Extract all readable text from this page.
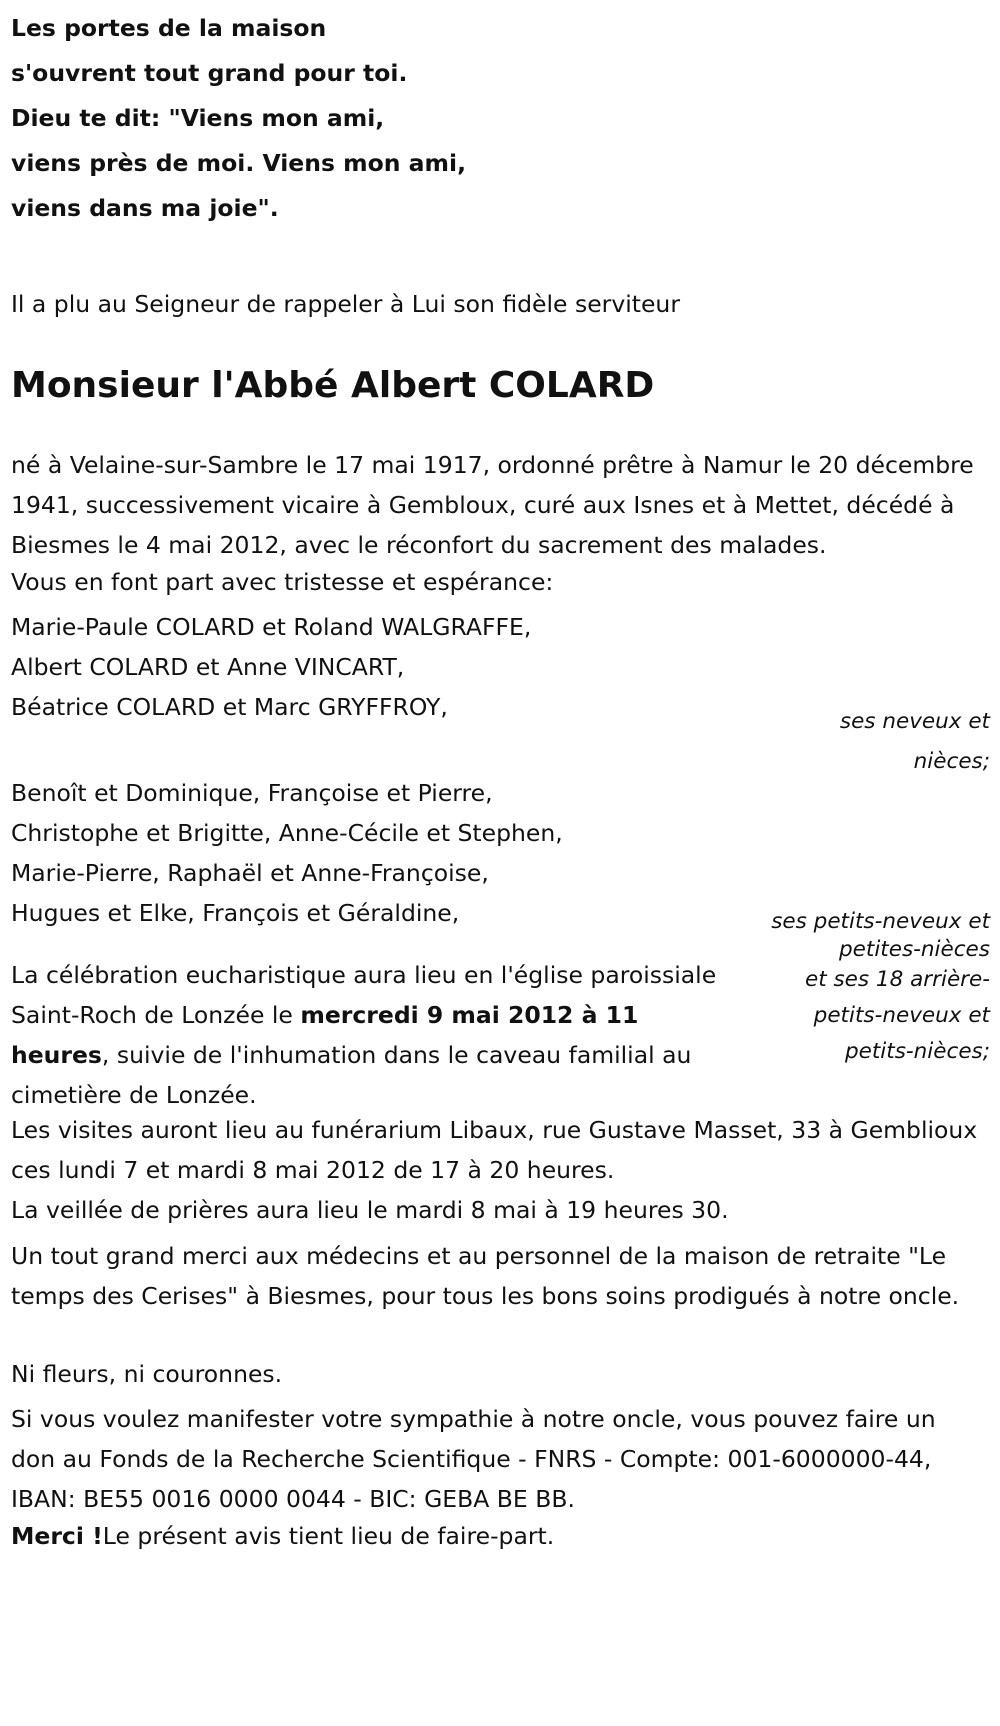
Les portes de la maison
s'ouvrent tout grand pour toi.
Dieu te dit: "Viens mon ami,
viens près de moi. Viens mon ami,
viens dans ma joie".

Il a plu au Seigneur de rappeler à Lui son fidèle serviteur

Monsieur l'Abbé Albert COLARD

né à Velaine-sur-Sambre le 17 mai 1917, ordonné prêtre à Namur le 20 décembre 1941, successivement vicaire à Gembloux, curé aux Isnes et à Mettet, décédé à Biesmes le 4 mai 2012, avec le réconfort du sacrement des malades.

Vous en font part avec tristesse et espérance:

Marie-Paule COLARD et Roland WALGRAFFE,
Albert COLARD et Anne VINCART,
Béatrice COLARD et Marc GRYFFROY,
ses neveux et
nièces;
Benoît et Dominique, Françoise et Pierre,
Christophe et Brigitte, Anne-Cécile et Stephen,
Marie-Pierre, Raphaël et Anne-Françoise,
Hugues et Elke, François et Géraldine,	ses petits-neveux et
petites-nièces
et ses 18 arrière-
petits-neveux et
petits-nièces;

La célébration eucharistique aura lieu en l'église paroissiale Saint-Roch de Lonzée le mercredi 9 mai 2012 à 11 heures, suivie de l'inhumation dans le caveau familial au cimetière de Lonzée.

Les visites auront lieu au funérarium Libaux, rue Gustave Masset, 33 à Gemblioux ces lundi 7 et mardi 8 mai 2012 de 17 à 20 heures.

La veillée de prières aura lieu le mardi 8 mai à 19 heures 30.

Un tout grand merci aux médecins et au personnel de la maison de retraite "Le temps des Cerises" à Biesmes, pour tous les bons soins prodigués à notre oncle.

Ni fleurs, ni couronnes.

Si vous voulez manifester votre sympathie à notre oncle, vous pouvez faire un don au Fonds de la Recherche Scientifique - FNRS - Compte: 001-6000000-44, IBAN: BE55 0016 0000 0044 - BIC: GEBA BE BB.

Merci !Le présent avis tient lieu de faire-part.
